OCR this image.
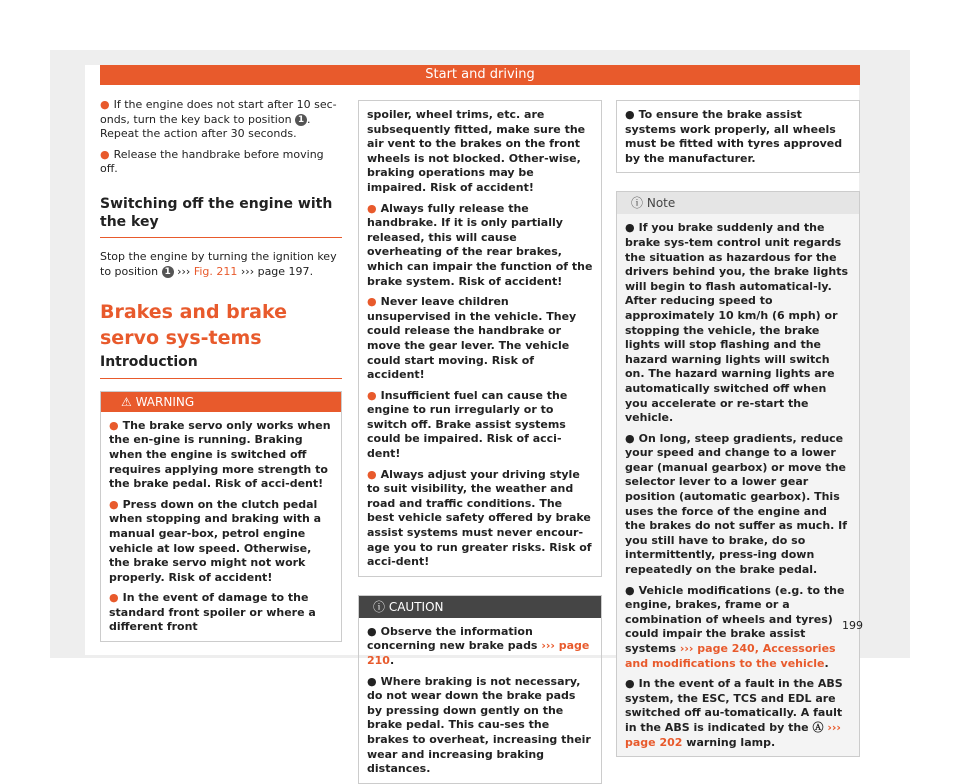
Start and driving

● If the engine does not start after 10 sec-onds, turn the key back to position 1 . Repeat the action after 30 seconds.

● Release the handbrake before moving off.

Switching off the engine with the key

Stop the engine by turning the ignition key to position 1 ››› Fig. 211 ››› page 197.

Brakes and brake servo sys-tems
Introduction
⚠ WARNING

● The brake servo only works when the en-gine is running. Braking when the engine is switched off requires applying more strength to the brake pedal. Risk of acci-dent!

● Press down on the clutch pedal when stopping and braking with a manual gear-box, petrol engine vehicle at low speed. Otherwise, the brake servo might not work properly. Risk of accident!

● In the event of damage to the standard front spoiler or where a different front

spoiler, wheel trims, etc. are subsequently fitted, make sure the air vent to the brakes on the front wheels is not blocked. Other-wise, braking operations may be impaired. Risk of accident!

● Always fully release the handbrake. If it is only partially released, this will cause overheating of the rear brakes, which can impair the function of the brake system. Risk of accident!

● Never leave children unsupervised in the vehicle. They could release the handbrake or move the gear lever. The vehicle could start moving. Risk of accident!

● Insufficient fuel can cause the engine to run irregularly or to switch off. Brake assist systems could be impaired. Risk of acci-dent!

● Always adjust your driving style to suit visibility, the weather and road and traffic conditions. The best vehicle safety offered by brake assist systems must never encour-age you to run greater risks. Risk of acci-dent!

ⓘ CAUTION

● Observe the information concerning new brake pads ››› page 210.

● Where braking is not necessary, do not wear down the brake pads by pressing down gently on the brake pedal. This cau-ses the brakes to overheat, increasing their wear and increasing braking distances.

● To ensure the brake assist systems work properly, all wheels must be fitted with tyres approved by the manufacturer.

ⓘ Note

● If you brake suddenly and the brake sys-tem control unit regards the situation as hazardous for the drivers behind you, the brake lights will begin to flash automatical-ly. After reducing speed to approximately 10 km/h (6 mph) or stopping the vehicle, the brake lights will stop flashing and the hazard warning lights will switch on. The hazard warning lights are automatically switched off when you accelerate or re-start the vehicle.

● On long, steep gradients, reduce your speed and change to a lower gear (manual gearbox) or move the selector lever to a lower gear position (automatic gearbox). This uses the force of the engine and the brakes do not suffer as much. If you still have to brake, do so intermittently, press-ing down repeatedly on the brake pedal.

● Vehicle modifications (e.g. to the engine, brakes, frame or a combination of wheels and tyres) could impair the brake assist systems ››› page 240, Accessories and modifications to the vehicle.

● In the event of a fault in the ABS system, the ESC, TCS and EDL are switched off au-tomatically. A fault in the ABS is indicated by the Ⓐ ››› page 202 warning lamp.

199
